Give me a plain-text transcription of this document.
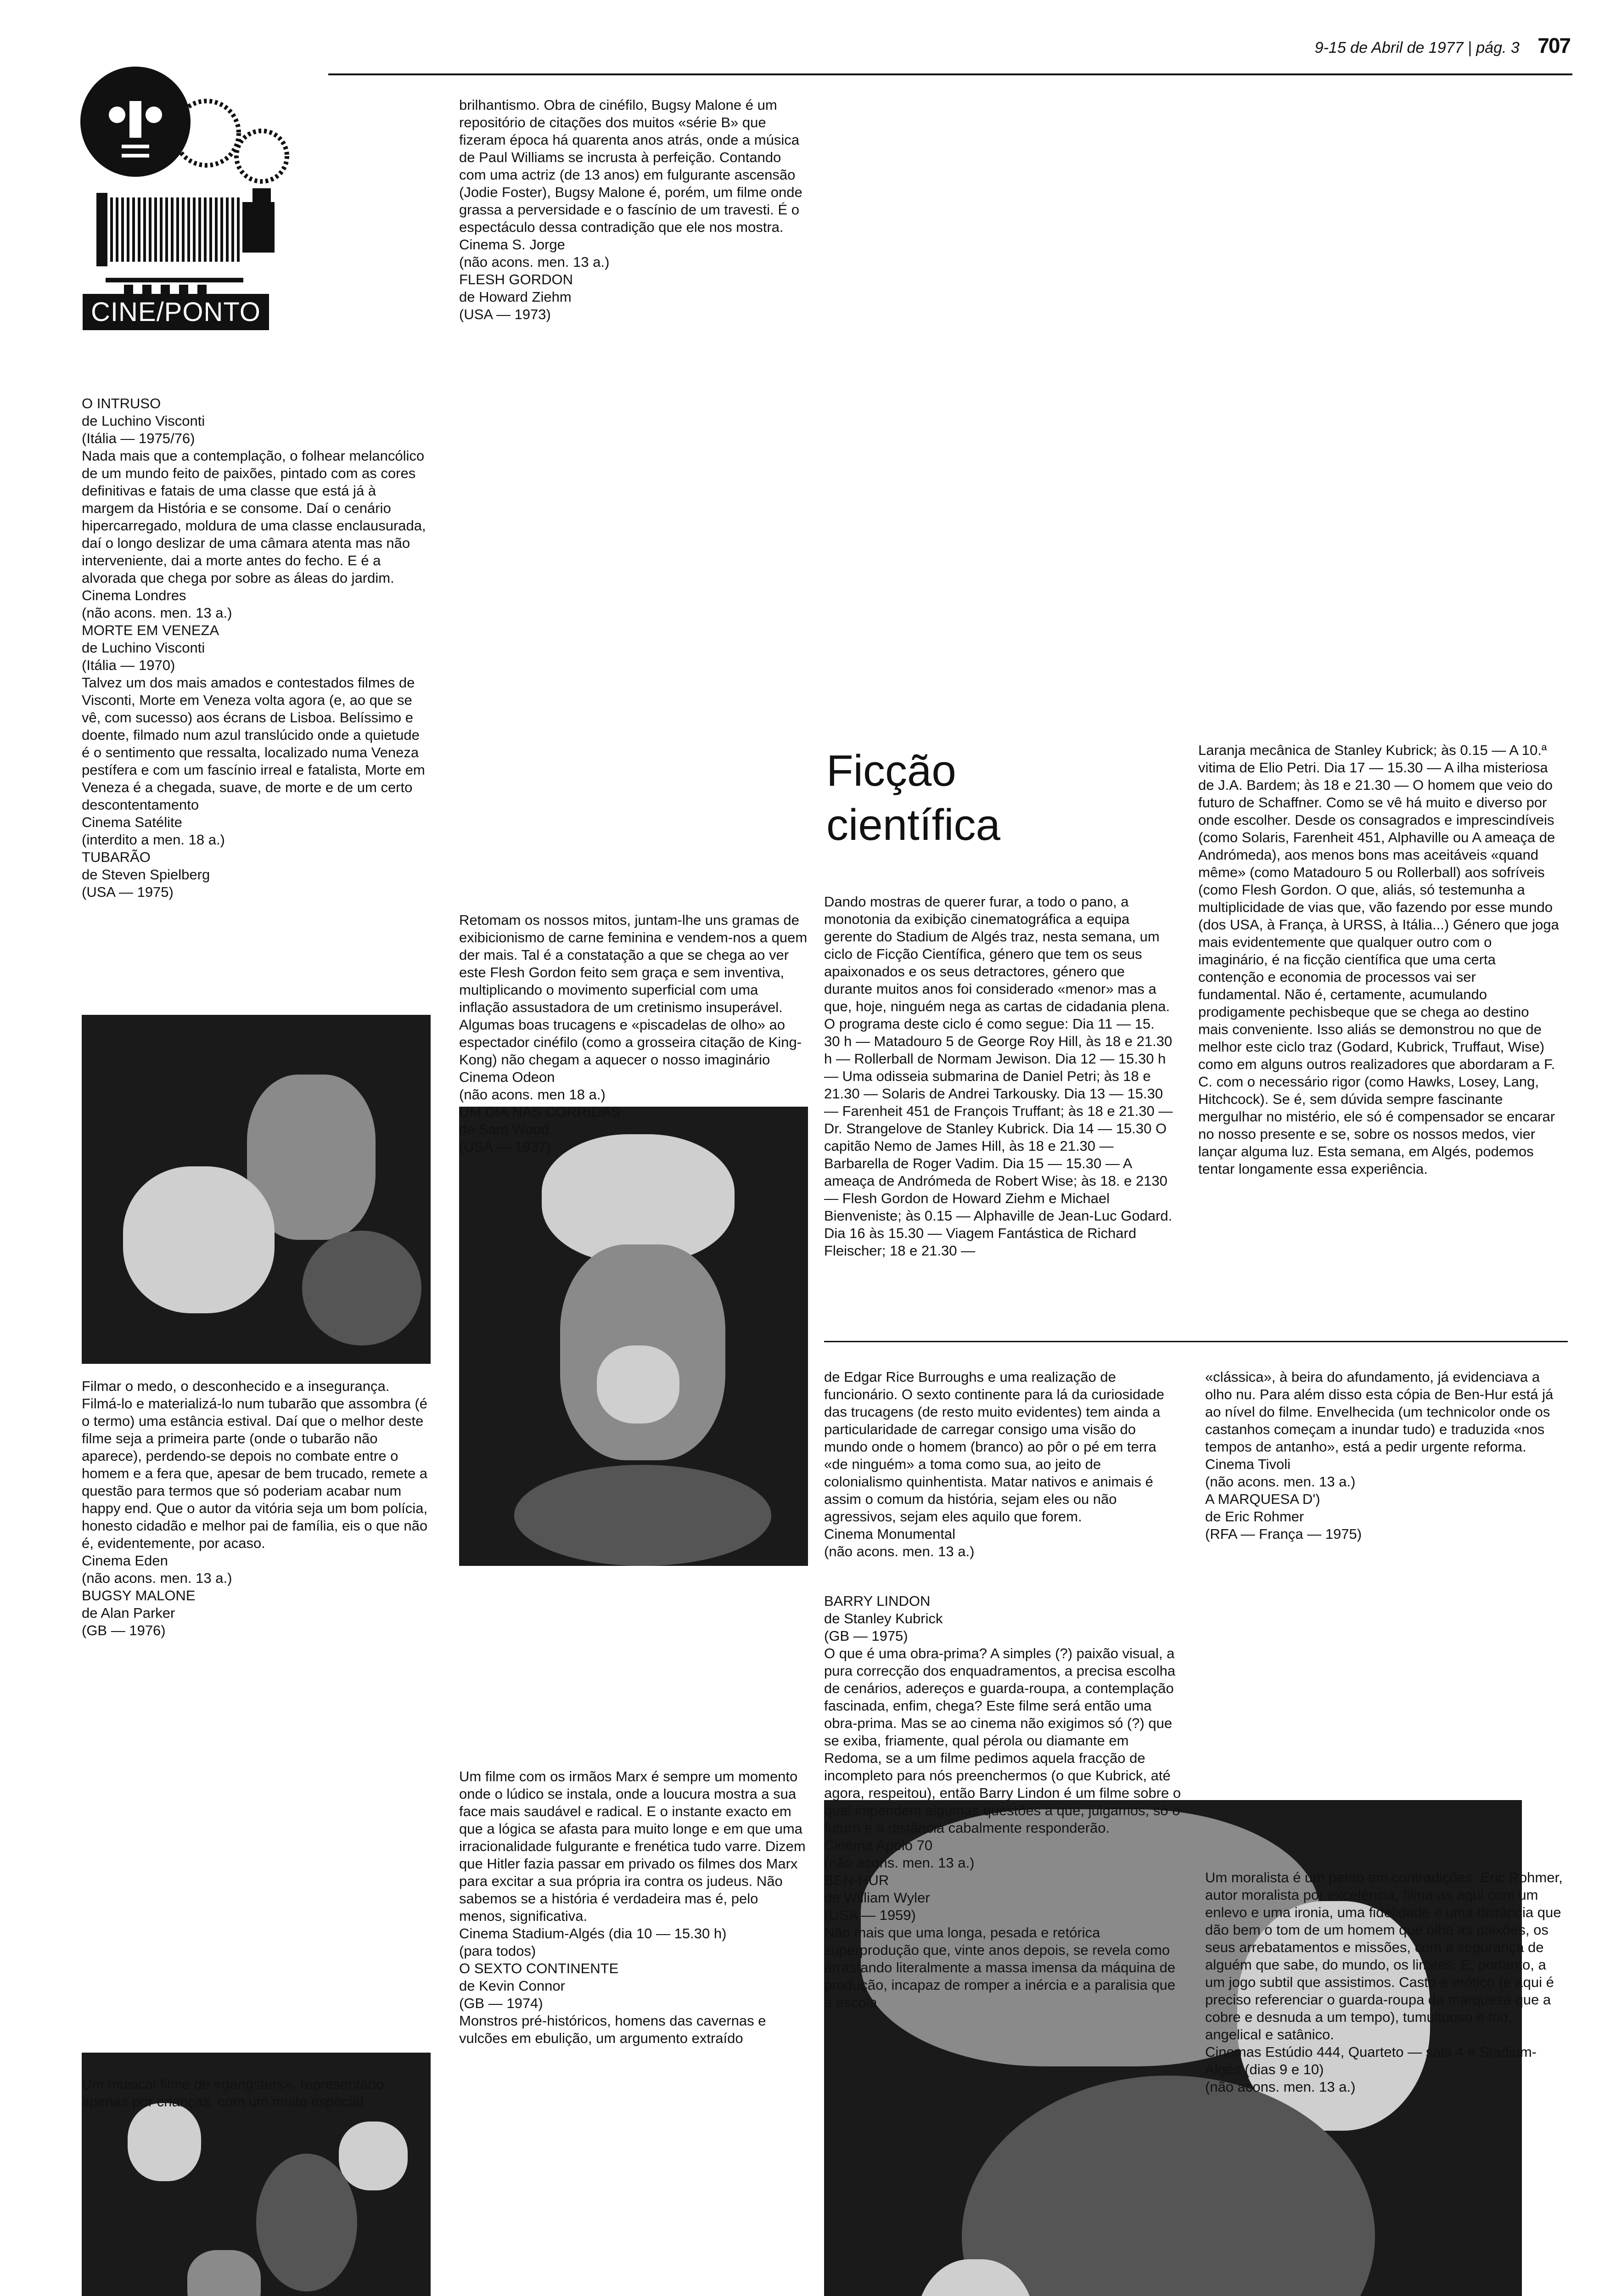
9-15 de Abril de 1977 | pág. 3 707
CINE/PONTO

O INTRUSO

de Luchino Visconti

(Itália — 1975/76)

Nada mais que a contemplação, o folhear melancólico de um mundo feito de paixões, pintado com as cores definitivas e fatais de uma classe que está já à margem da História e se consome. Daí o cenário hipercarregado, moldura de uma classe enclausurada, daí o longo deslizar de uma câmara atenta mas não interveniente, dai a morte antes do fecho. E é a alvorada que chega por sobre as áleas do jardim.

Cinema Londres

(não acons. men. 13 a.)

MORTE EM VENEZA

de Luchino Visconti

(Itália — 1970)

Talvez um dos mais amados e contestados filmes de Visconti, Morte em Veneza volta agora (e, ao que se vê, com sucesso) aos écrans de Lisboa. Belíssimo e doente, filmado num azul translúcido onde a quietude é o sentimento que ressalta, localizado numa Veneza pestífera e com um fascínio irreal e fatalista, Morte em Veneza é a chegada, suave, de morte e de um certo descontentamento

Cinema Satélite

(interdito a men. 18 a.)

TUBARÃO

de Steven Spielberg

(USA — 1975)

Filmar o medo, o desconhecido e a insegurança. Filmá-lo e materializá-lo num tubarão que assombra (é o termo) uma estância estival. Daí que o melhor deste filme seja a primeira parte (onde o tubarão não aparece), perdendo-se depois no combate entre o homem e a fera que, apesar de bem trucado, remete a questão para termos que só poderiam acabar num happy end. Que o autor da vitória seja um bom polícia, honesto cidadão e melhor pai de família, eis o que não é, evidentemente, por acaso.

Cinema Eden

(não acons. men. 13 a.)

BUGSY MALONE

de Alan Parker

(GB — 1976)

Um musical filme de «gangsters», representado apenas por crianças, com um muito especial

brilhantismo. Obra de cinéfilo, Bugsy Malone é um repositório de citações dos muitos «série B» que fizeram época há quarenta anos atrás, onde a música de Paul Williams se incrusta à perfeição. Contando com uma actriz (de 13 anos) em fulgurante ascensão (Jodie Foster), Bugsy Malone é, porém, um filme onde grassa a perversidade e o fascínio de um travesti. É o espectáculo dessa contradição que ele nos mostra.

Cinema S. Jorge

(não acons. men. 13 a.)

FLESH GORDON

de Howard Ziehm

(USA — 1973)

Retomam os nossos mitos, juntam-lhe uns gramas de exibicionismo de carne feminina e vendem-nos a quem der mais. Tal é a constatação a que se chega ao ver este Flesh Gordon feito sem graça e sem inventiva, multiplicando o movimento superficial com uma inflação assustadora de um cretinismo insuperável. Algumas boas trucagens e «piscadelas de olho» ao espectador cinéfilo (como a grosseira citação de King-Kong) não chegam a aquecer o nosso imaginário

Cinema Odeon

(não acons. men 18 a.)

UM DIA NAS CORRIDAS

de Sam Wood

(USA — 1937)

Um filme com os irmãos Marx é sempre um momento onde o lúdico se instala, onde a loucura mostra a sua face mais saudável e radical. E o instante exacto em que a lógica se afasta para muito longe e em que uma irracionalidade fulgurante e frenética tudo varre. Dizem que Hitler fazia passar em privado os filmes dos Marx para excitar a sua própria ira contra os judeus. Não sabemos se a história é verdadeira mas é, pelo menos, significativa.

Cinema Stadium-Algés (dia 10 — 15.30 h)

(para todos)

O SEXTO CONTINENTE

de Kevin Connor

(GB — 1974)

Monstros pré-históricos, homens das cavernas e vulcões em ebulição, um argumento extraído

Ficção
científica

Dando mostras de querer furar, a todo o pano, a monotonia da exibição cinematográfica a equipa gerente do Stadium de Algés traz, nesta semana, um ciclo de Ficção Científica, género que tem os seus apaixonados e os seus detractores, género que durante muitos anos foi considerado «menor» mas a que, hoje, ninguém nega as cartas de cidadania plena. O programa deste ciclo é como segue: Dia 11 — 15. 30 h — Matadouro 5 de George Roy Hill, às 18 e 21.30 h — Rollerball de Normam Jewison. Dia 12 — 15.30 h — Uma odisseia submarina de Daniel Petri; às 18 e 21.30 — Solaris de Andrei Tarkousky. Dia 13 — 15.30 — Farenheit 451 de François Truffant; às 18 e 21.30 — Dr. Strangelove de Stanley Kubrick. Dia 14 — 15.30 O capitão Nemo de James Hill, às 18 e 21.30 — Barbarella de Roger Vadim. Dia 15 — 15.30 — A ameaça de Andrómeda de Robert Wise; às 18. e 2130 — Flesh Gordon de Howard Ziehm e Michael Bienveniste; às 0.15 — Alphaville de Jean-Luc Godard. Dia 16 às 15.30 — Viagem Fantástica de Richard Fleischer; 18 e 21.30 —

Laranja mecânica de Stanley Kubrick; às 0.15 — A 10.ª vitima de Elio Petri. Dia 17 — 15.30 — A ilha misteriosa de J.A. Bardem; às 18 e 21.30 — O homem que veio do futuro de Schaffner. Como se vê há muito e diverso por onde escolher. Desde os consagrados e imprescindíveis (como Solaris, Farenheit 451, Alphaville ou A ameaça de Andrómeda), aos menos bons mas aceitáveis «quand même» (como Matadouro 5 ou Rollerball) aos sofríveis (como Flesh Gordon. O que, aliás, só testemunha a multiplicidade de vias que, vão fazendo por esse mundo (dos USA, à França, à URSS, à Itália...) Género que joga mais evidentemente que qualquer outro com o imaginário, é na ficção científica que uma certa contenção e economia de processos vai ser fundamental. Não é, certamente, acumulando prodigamente pechisbeque que se chega ao destino mais conveniente. Isso aliás se demonstrou no que de melhor este ciclo traz (Godard, Kubrick, Truffaut, Wise) como em alguns outros realizadores que abordaram a F. C. com o necessário rigor (como Hawks, Losey, Lang, Hitchcock). Se é, sem dúvida sempre fascinante mergulhar no mistério, ele só é compensador se encarar no nosso presente e se, sobre os nossos medos, vier lançar alguma luz. Esta semana, em Algés, podemos tentar longamente essa experiência.

de Edgar Rice Burroughs e uma realização de funcionário. O sexto continente para lá da curiosidade das trucagens (de resto muito evidentes) tem ainda a particularidade de carregar consigo uma visão do mundo onde o homem (branco) ao pôr o pé em terra «de ninguém» a toma como sua, ao jeito de colonialismo quinhentista. Matar nativos e animais é assim o comum da história, sejam eles ou não agressivos, sejam eles aquilo que forem.

Cinema Monumental

(não acons. men. 13 a.)

BARRY LINDON

de Stanley Kubrick

(GB — 1975)

O que é uma obra-prima? A simples (?) paixão visual, a pura correcção dos enquadramentos, a precisa escolha de cenários, adereços e guarda-roupa, a contemplação fascinada, enfim, chega? Este filme será então uma obra-prima. Mas se ao cinema não exigimos só (?) que se exiba, friamente, qual pérola ou diamante em Redoma, se a um filme pedimos aquela fracção de incompleto para nós preenchermos (o que Kubrick, até agora, respeitou), então Barry Lindon é um filme sobre o qual impendem algumas questões a que, julgamos, só o futuro e a distância cabalmente responderão.

Cinema Apolo 70

(não acons. men. 13 a.)

BEN-HUR

de William Wyler

(USA — 1959)

Não mais que uma longa, pesada e retórica superprodução que, vinte anos depois, se revela como arrastando literalmente a massa imensa da máquina de produção, incapaz de romper a inércia e a paralisia que a escola

«clássica», à beira do afundamento, já evidenciava a olho nu. Para além disso esta cópia de Ben-Hur está já ao nível do filme. Envelhecida (um technicolor onde os castanhos começam a inundar tudo) e traduzida «nos tempos de antanho», está a pedir urgente reforma.

Cinema Tivoli

(não acons. men. 13 a.)

A MARQUESA D')

de Eric Rohmer

(RFA — França — 1975)

Um moralista é um perito em contradições. Eric Rohmer, autor moralista por excelência, filma-as aqui com um enlevo e uma ironia, uma fidelidade e uma distância que dão bem o tom de um homem que olha as paixões, os seus arrebatamentos e missões, com a segurança de alguém que sabe, do mundo, os limites. É, portanto, a um jogo subtil que assistimos. Casto e erótico (e aqui é preciso referenciar o guarda-roupa da marquesa que a cobre e desnuda a um tempo), tumultuoso e frio, angelical e satânico.

Cinemas Estúdio 444, Quarteto — sala 4 e Stadium-Algés (dias 9 e 10)

(não acons. men. 13 a.)
